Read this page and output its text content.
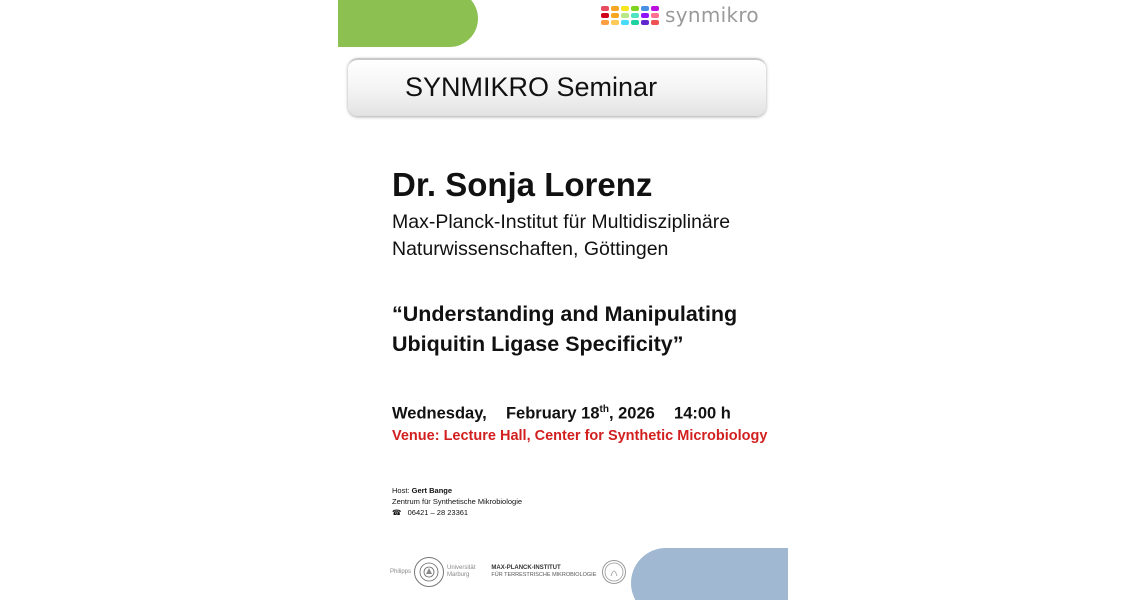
synmikro
SYNMIKRO Seminar
Dr. Sonja Lorenz
Max-Planck-Institut für Multidisziplinäre
Naturwissenschaften, Göttingen
“Understanding and Manipulating
Ubiquitin Ligase Specificity”
Wednesday, February 18th, 2026 14:00 h
Venue: Lecture Hall, Center for Synthetic Microbiology
Host: Gert Bange
Zentrum für Synthetische Mikrobiologie
☎ 06421 – 28 23361
Philipps
Universität
Marburg
MAX-PLANCK-INSTITUT
FÜR TERRESTRISCHE MIKROBIOLOGIE
